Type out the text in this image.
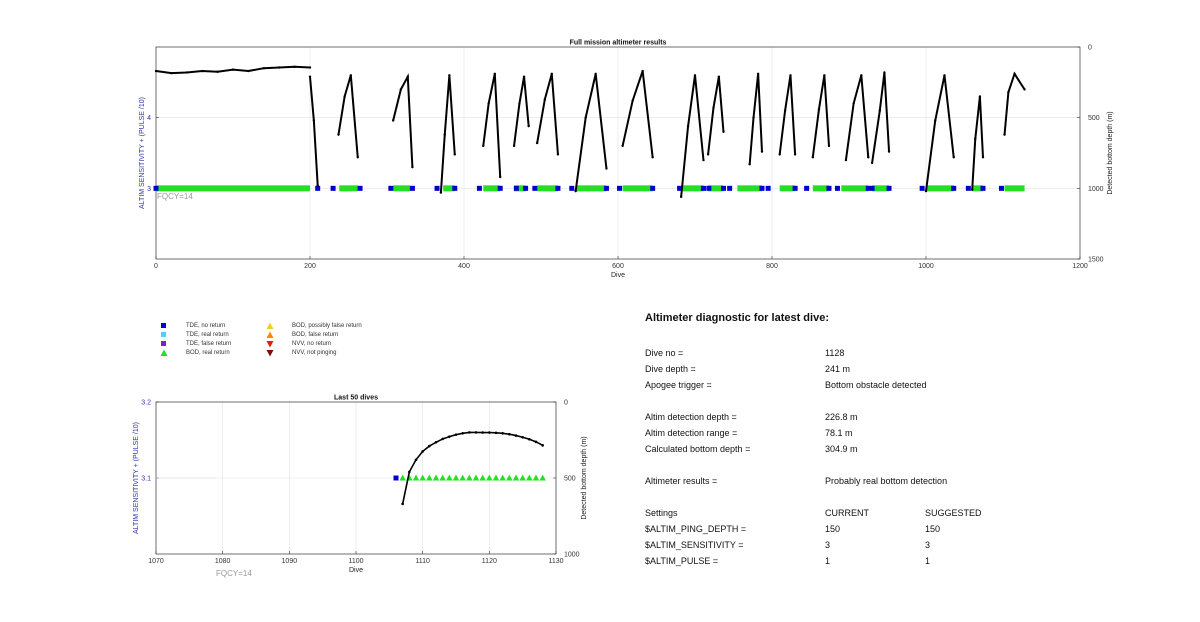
0	200	400	600	800	1000	1200
0
500
1000
1500
3
4
Full mission altimeter results
Dive
ALTIM SENSITIVITY + (PULSE /10)	Detected bottom depth (m)
FQCY=14
1070	1080	1090	1100	1110	1120	1130
0
500
1000
3.1
3.2
Last 50 dives
Dive
ALTIM SENSITIVITY + (PULSE /10)	Detected bottom depth (m)
FQCY=14
TDE, no return
TDE, real return
TDE, false return
BOD, real return
BOD, possibly false return
BOD, false return
NVV, no return
NVV, not pinging
Altimeter diagnostic for latest dive:
Dive no =	1128
Dive depth =	241 m
Apogee trigger =	Bottom obstacle detected
Altim detection depth =	226.8 m
Altim detection range =	78.1 m
Calculated bottom depth =	304.9 m
Altimeter results =	Probably real bottom detection
Settings	CURRENT	SUGGESTED
$ALTIM_PING_DEPTH =	150	150
$ALTIM_SENSITIVITY =	3	3
$ALTIM_PULSE =	1	1
